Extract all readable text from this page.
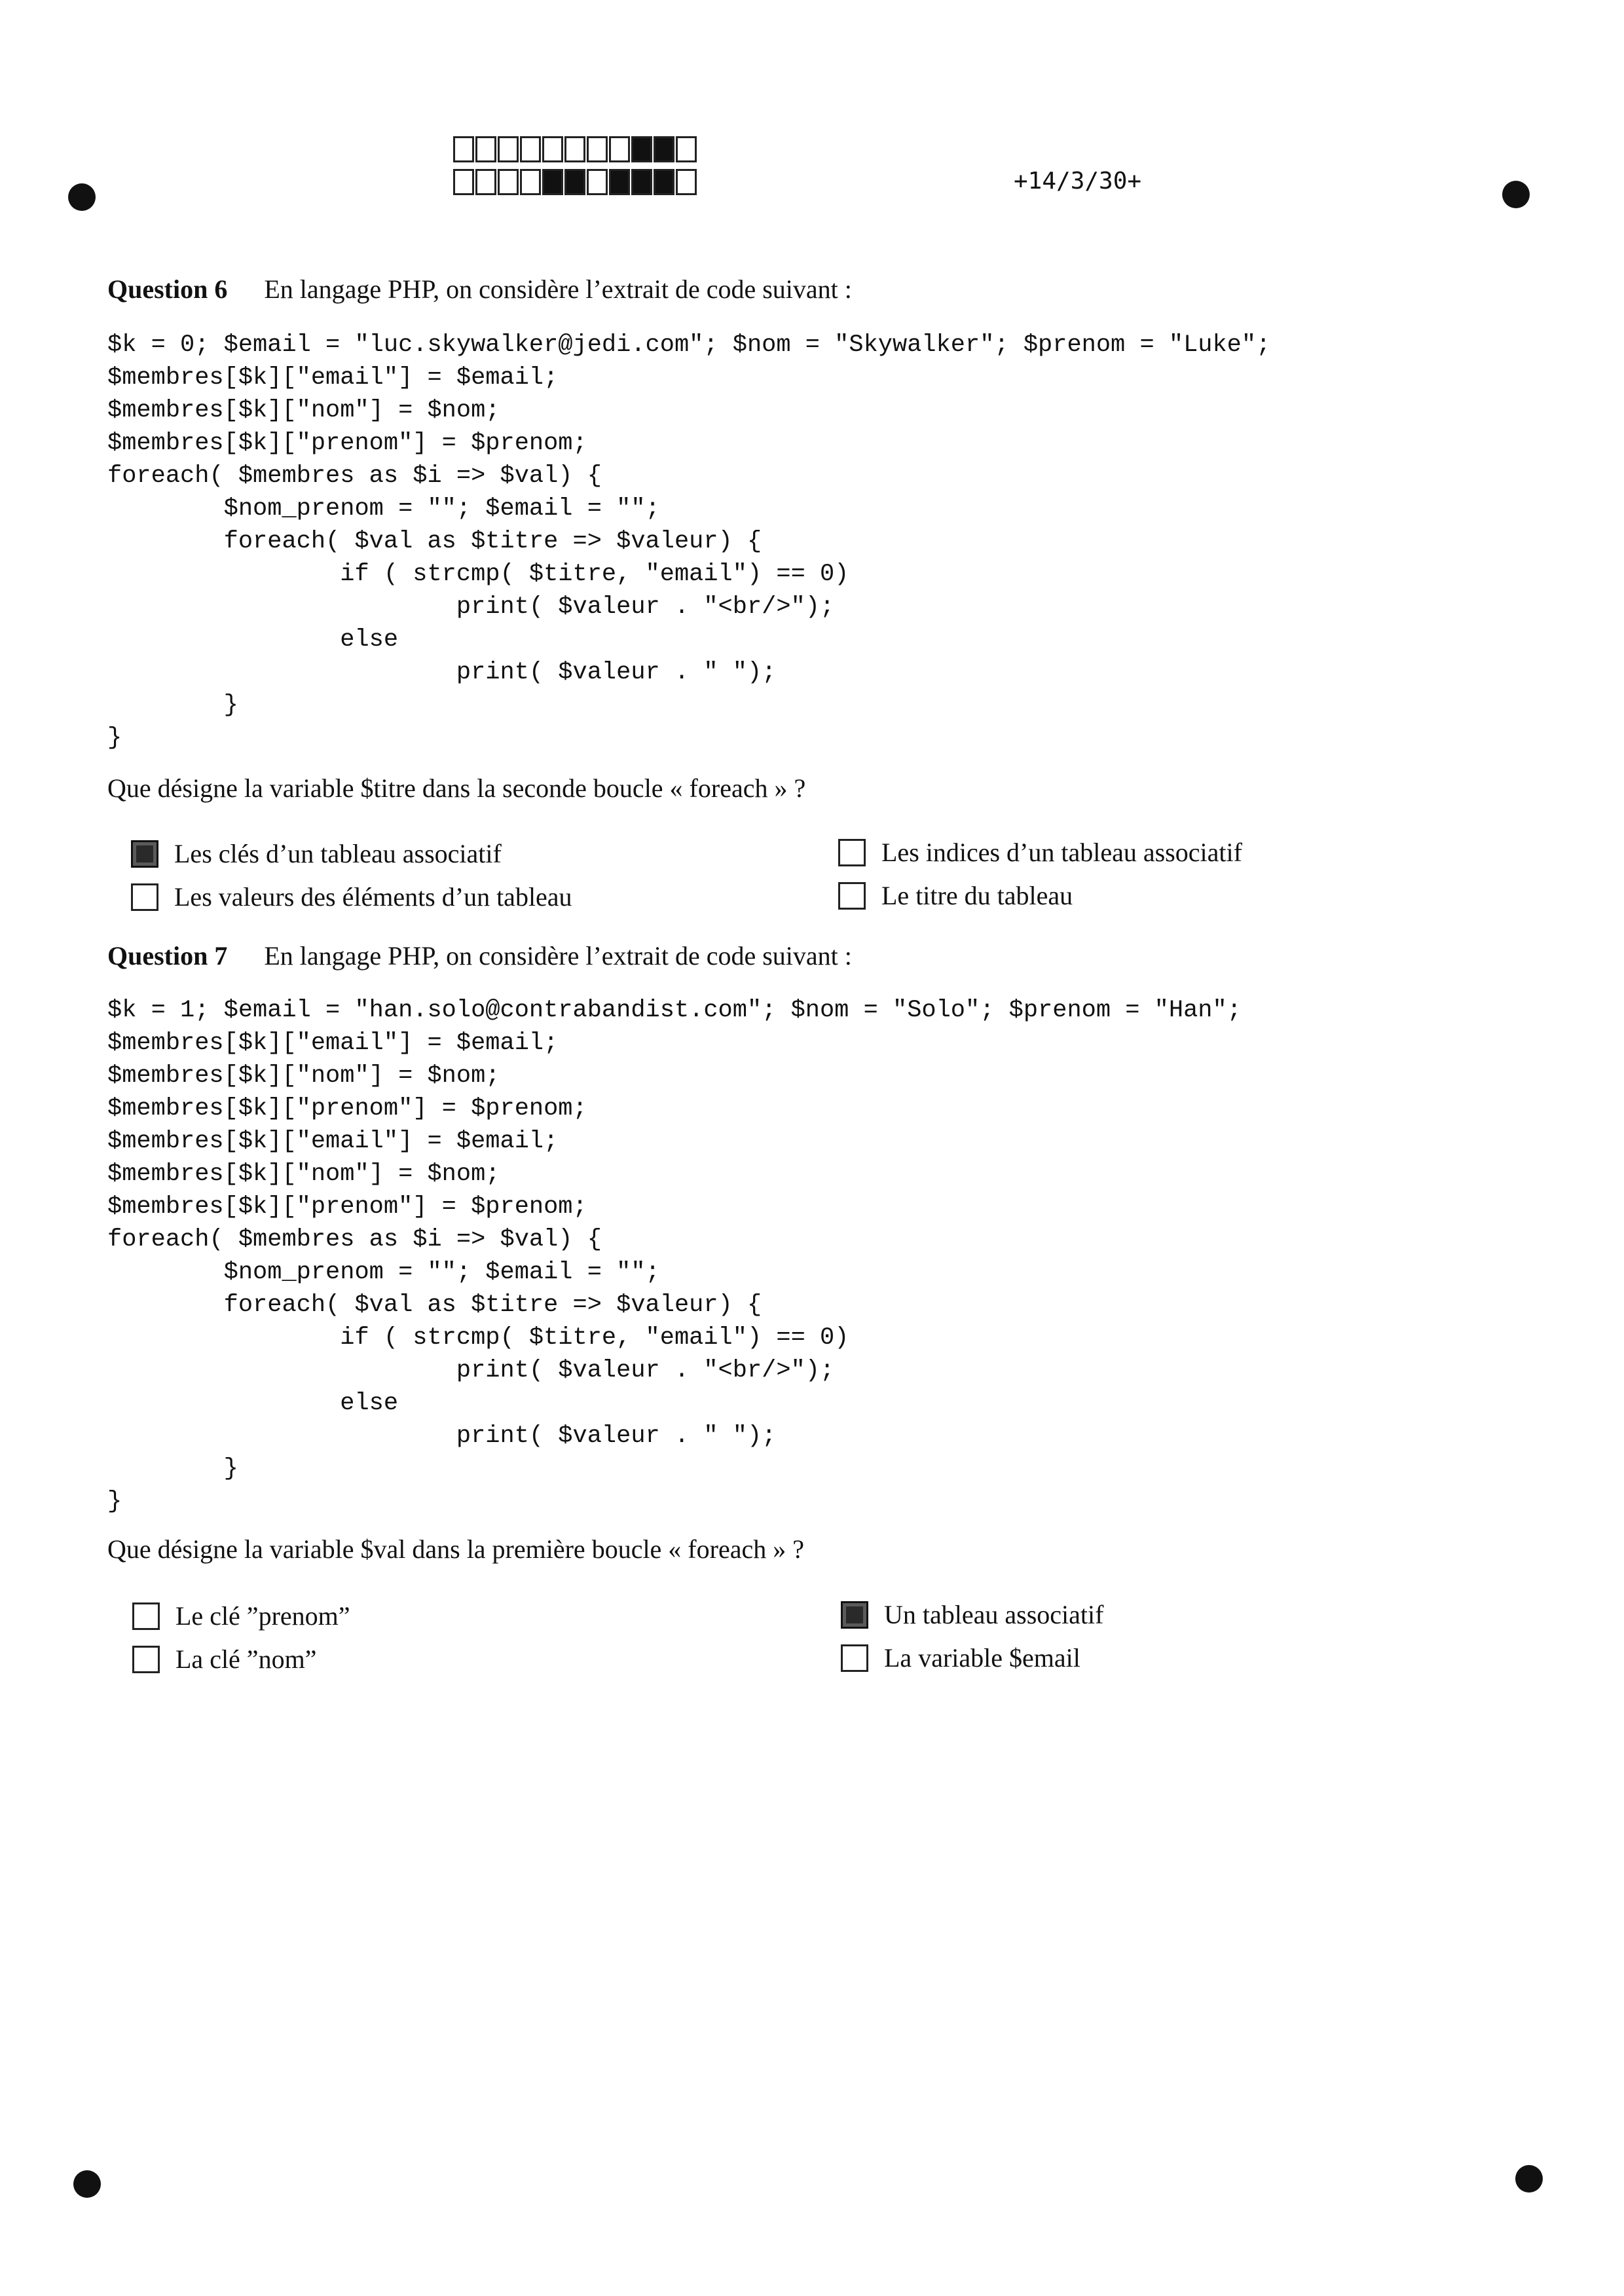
+14/3/30+
Question 6 En langage PHP, on considère l’extrait de code suivant :
$k = 0; $email = "luc.skywalker@jedi.com"; $nom = "Skywalker"; $prenom = "Luke";
$membres[$k]["email"] = $email;
$membres[$k]["nom"] = $nom;
$membres[$k]["prenom"] = $prenom;
foreach( $membres as $i => $val) {
$nom_prenom = ""; $email = "";
foreach( $val as $titre => $valeur) {
if ( strcmp( $titre, "email") == 0)
print( $valeur . "<br/>");
else
print( $valeur . " ");
}
}
Que désigne la variable $titre dans la seconde boucle « foreach » ?
Les clés d’un tableau associatif	Les indices d’un tableau associatif
Les valeurs des éléments d’un tableau	Le titre du tableau
Question 7 En langage PHP, on considère l’extrait de code suivant :
$k = 1; $email = "han.solo@contrabandist.com"; $nom = "Solo"; $prenom = "Han";
$membres[$k]["email"] = $email;
$membres[$k]["nom"] = $nom;
$membres[$k]["prenom"] = $prenom;
$membres[$k]["email"] = $email;
$membres[$k]["nom"] = $nom;
$membres[$k]["prenom"] = $prenom;
foreach( $membres as $i => $val) {
$nom_prenom = ""; $email = "";
foreach( $val as $titre => $valeur) {
if ( strcmp( $titre, "email") == 0)
print( $valeur . "<br/>");
else
print( $valeur . " ");
}
}
Que désigne la variable $val dans la première boucle « foreach » ?
Le clé ”prenom”	Un tableau associatif
La clé ”nom”	La variable $email
